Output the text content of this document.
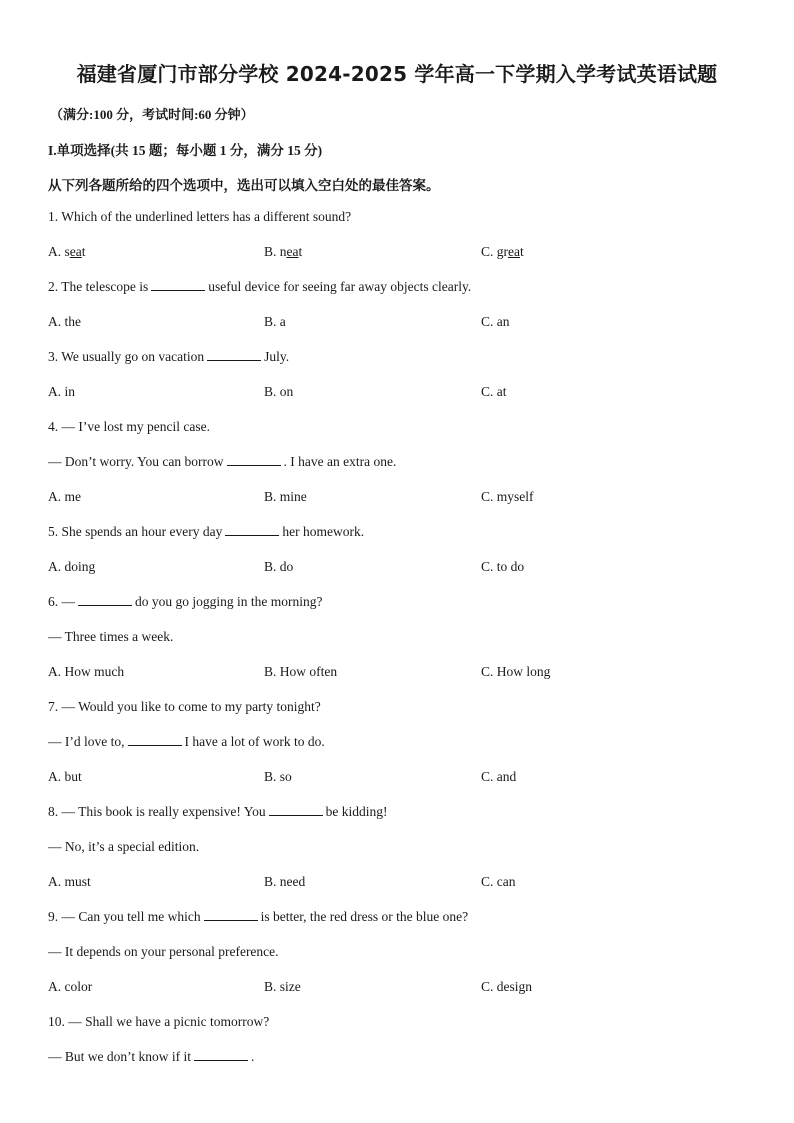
福建省厦门市部分学校 2024-2025 学年高一下学期入学考试英语试题
（满分:100 分，考试时间:60 分钟）
I.单项选择(共 15 题；每小题 1 分，满分 15 分)
从下列各题所给的四个选项中，选出可以填入空白处的最佳答案。
1. Which of the underlined letters has a different sound?
A. seat	B. neat	C. great
2. The telescope is	useful device for seeing far away objects clearly.
A. the	B. a	C. an
3. We usually go on vacation	July.
A. in	B. on	C. at
4. — I’ve lost my pencil case.
— Don’t worry. You can borrow	. I have an extra one.
A. me	B. mine	C. myself
5. She spends an hour every day	her homework.
A. doing	B. do	C. to do
6. —	do you go jogging in the morning?
— Three times a week.
A. How much	B. How often	C. How long
7. — Would you like to come to my party tonight?
— I’d love to,	I have a lot of work to do.
A. but	B. so	C. and
8. — This book is really expensive! You	be kidding!
— No, it’s a special edition.
A. must	B. need	C. can
9. — Can you tell me which	is better, the red dress or the blue one?
— It depends on your personal preference.
A. color	B. size	C. design
10. — Shall we have a picnic tomorrow?
— But we don’t know if it	.
